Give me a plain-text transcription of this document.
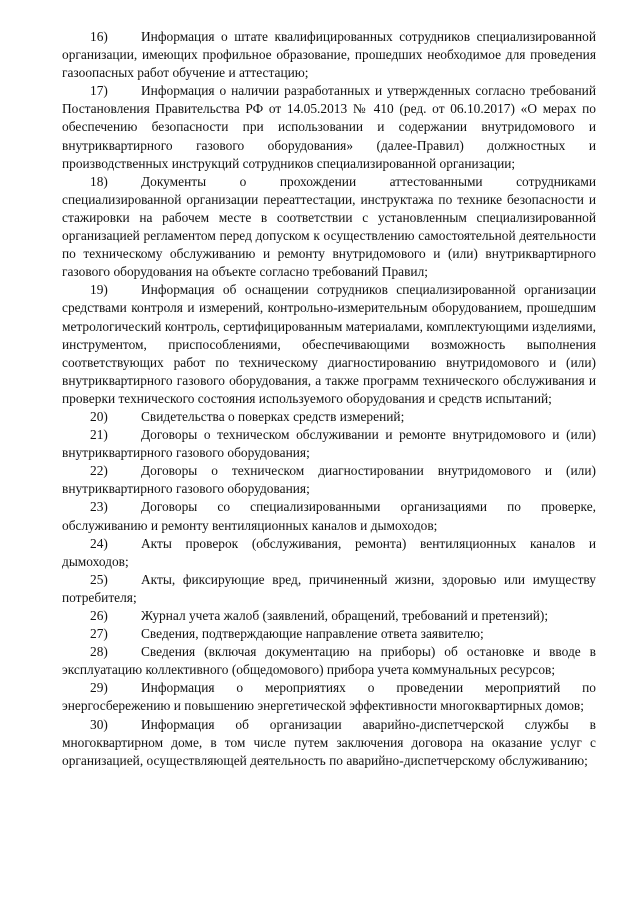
16) Информация о штате квалифицированных сотрудников специализированной организации, имеющих профильное образование, прошедших необходимое для проведения газоопасных работ обучение и аттестацию;

17) Информация о наличии разработанных и утвержденных согласно требований Постановления Правительства РФ от 14.05.2013 № 410 (ред. от 06.10.2017) «О мерах по обеспечению безопасности при использовании и содержании внутридомового и внутриквартирного газового оборудования» (далее-Правил) должностных и производственных инструкций сотрудников специализированной организации;

18) Документы о прохождении аттестованными сотрудниками специализированной организации переаттестации, инструктажа по технике безопасности и стажировки на рабочем месте в соответствии с установленным специализированной организацией регламентом перед допуском к осуществлению самостоятельной деятельности по техническому обслуживанию и ремонту внутридомового и (или) внутриквартирного газового оборудования на объекте согласно требований Правил;

19) Информация об оснащении сотрудников специализированной организации средствами контроля и измерений, контрольно-измерительным оборудованием, прошедшим метрологический контроль, сертифицированным материалами, комплектующими изделиями, инструментом, приспособлениями, обеспечивающими возможность выполнения соответствующих работ по техническому диагностированию внутридомового и (или) внутриквартирного газового оборудования, а также программ технического обслуживания и проверки технического состояния используемого оборудования и средств испытаний;

20) Свидетельства о поверках средств измерений;

21) Договоры о техническом обслуживании и ремонте внутридомового и (или) внутриквартирного газового оборудования;

22) Договоры о техническом диагностировании внутридомового и (или) внутриквартирного газового оборудования;

23) Договоры со специализированными организациями по проверке, обслуживанию и ремонту вентиляционных каналов и дымоходов;

24) Акты проверок (обслуживания, ремонта) вентиляционных каналов и дымоходов;

25) Акты, фиксирующие вред, причиненный жизни, здоровью или имуществу потребителя;

26) Журнал учета жалоб (заявлений, обращений, требований и претензий);

27) Сведения, подтверждающие направление ответа заявителю;

28) Сведения (включая документацию на приборы) об остановке и вводе в эксплуатацию коллективного (общедомового) прибора учета коммунальных ресурсов;

29) Информация о мероприятиях о проведении мероприятий по энергосбережению и повышению энергетической эффективности многоквартирных домов;

30) Информация об организации аварийно-диспетчерской службы в многоквартирном доме, в том числе путем заключения договора на оказание услуг с организацией, осуществляющей деятельность по аварийно-диспетчерскому обслуживанию;
